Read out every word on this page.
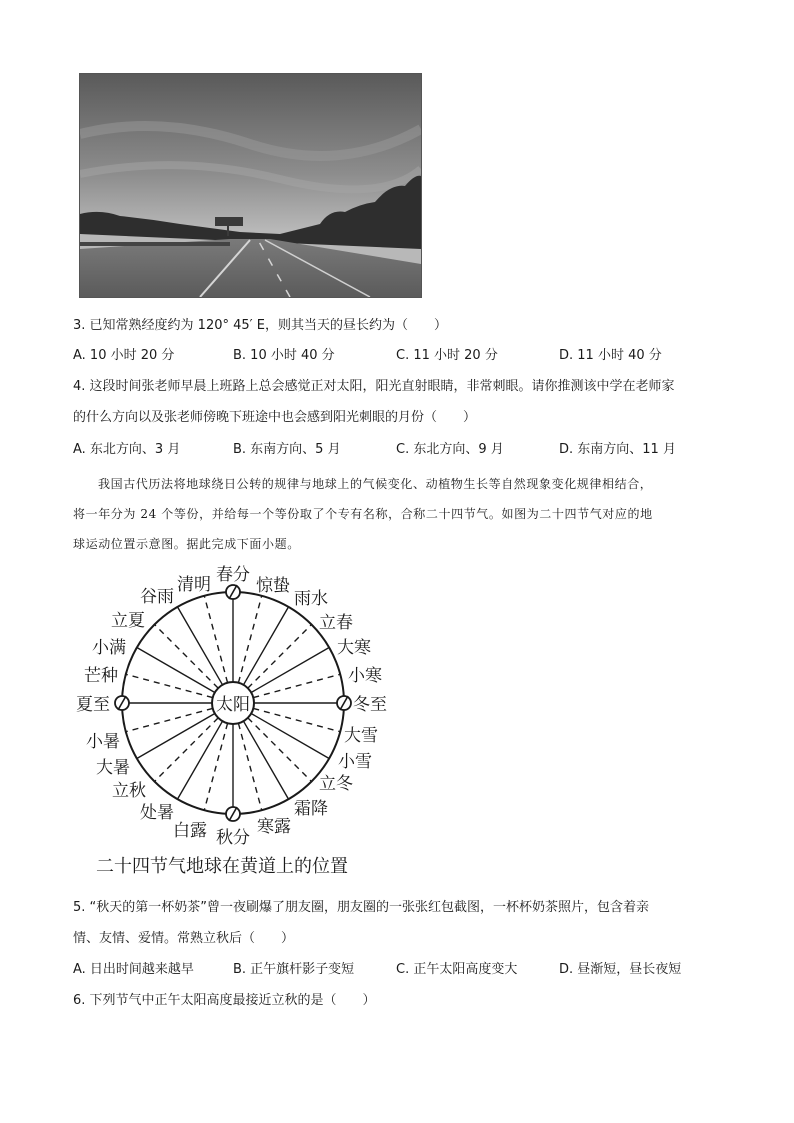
3. 已知常熟经度约为 120° 45′ E，则其当天的昼长约为（　　）
A. 10 小时 20 分	B. 10 小时 40 分	C. 11 小时 20 分	D. 11 小时 40 分
4. 这段时间张老师早晨上班路上总会感觉正对太阳，阳光直射眼睛，非常刺眼。请你推测该中学在老师家
的什么方向以及张老师傍晚下班途中也会感到阳光刺眼的月份（　　）
A. 东北方向、3 月	B. 东南方向、5 月	C. 东北方向、9 月	D. 东南方向、11 月
我国古代历法将地球绕日公转的规律与地球上的气候变化、动植物生长等自然现象变化规律相结合，
将一年分为 24 个等份，并给每一个等份取了个专有名称，合称二十四节气。如图为二十四节气对应的地
球运动位置示意图。据此完成下面小题。
太阳
春分
惊蛰
雨水
立春
大寒
小寒
冬至
大雪
小雪
立冬
霜降
寒露
秋分
白露
处暑
立秋
大暑
小暑
夏至
芒种
小满
立夏
谷雨
清明
二十四节气地球在黄道上的位置
5. “秋天的第一杯奶茶”曾一夜刷爆了朋友圈，朋友圈的一张张红包截图，一杯杯奶茶照片，包含着亲
情、友情、爱情。常熟立秋后（　　）
A. 日出时间越来越早	B. 正午旗杆影子变短	C. 正午太阳高度变大	D. 昼渐短，昼长夜短
6. 下列节气中正午太阳高度最接近立秋的是（　　）
